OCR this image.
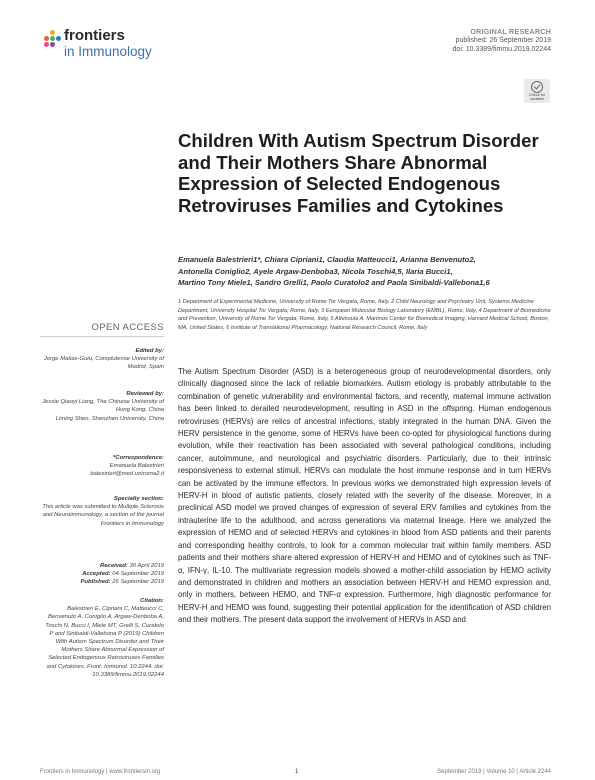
frontiers
in Immunology
ORIGINAL RESEARCH
published: 26 September 2019
doi: 10.3389/fimmu.2019.02244
Check for updates
Children With Autism Spectrum Disorder and Their Mothers Share Abnormal Expression of Selected Endogenous Retroviruses Families and Cytokines
Emanuela Balestrieri1*, Chiara Cipriani1, Claudia Matteucci1, Arianna Benvenuto2,
Antonella Coniglio2, Ayele Argaw-Denboba3, Nicola Toschi4,5, Ilaria Bucci1,
Martino Tony Miele1, Sandro Grelli1, Paolo Curatolo2 and Paola Sinibaldi-Vallebona1,6
1 Department of Experimental Medicine, University of Rome Tor Vergata, Rome, Italy, 2 Child Neurology and Psychiatry Unit, Systems Medicine Department, University Hospital Tor Vergata, Rome, Italy, 3 European Molecular Biology Laboratory (EMBL), Rome, Italy, 4 Department of Biomedicine and Prevention, University of Rome Tor Vergata, Rome, Italy, 5 Athinoula A. Martinos Center for Biomedical Imaging, Harvard Medical School, Boston, MA, United States, 6 Institute of Translational Pharmacology, National Research Council, Rome, Italy
OPEN ACCESS
Edited by:
Jorge Matias-Guiu, Complutense University of Madrid, Spain
Reviewed by:
Jessie Qiaoyi Liang, The Chinese University of Hong Kong, China
Liming Shen, Shenzhen University, China
*Correspondence:
Emanuela Balestrieri balestrieri@med.uniroma2.it
Specialty section:
This article was submitted to Multiple Sclerosis and Neuroimmunology, a section of the journal Frontiers in Immunology
Received: 30 April 2019
Accepted: 04 September 2019
Published: 26 September 2019
Citation:
Balestrieri E, Cipriani C, Matteucci C, Benvenuto A, Coniglio A, Argaw-Denboba A, Toschi N, Bucci I, Miele MT, Grelli S, Curatolo P and Sinibaldi-Vallebona P (2019) Children With Autism Spectrum Disorder and Their Mothers Share Abnormal Expression of Selected Endogenous Retroviruses Families and Cytokines. Front. Immunol. 10:2244. doi: 10.3389/fimmu.2019.02244
The Autism Spectrum Disorder (ASD) is a heterogeneous group of neurodevelopmental disorders, only clinically diagnosed since the lack of reliable biomarkers. Autism etiology is probably attributable to the combination of genetic vulnerability and environmental factors, and recently, maternal immune activation has been linked to derailed neurodevelopment, resulting in ASD in the offspring. Human endogenous retroviruses (HERVs) are relics of ancestral infections, stably integrated in the human DNA. Given the HERV persistence in the genome, some of HERVs have been co-opted for physiological functions during evolution, while their reactivation has been associated with several pathological conditions, including cancer, autoimmune, and neurological and psychiatric disorders. Particularly, due to their intrinsic responsiveness to external stimuli, HERVs can modulate the host immune response and in turn HERVs can be activated by the immune effectors. In previous works we demonstrated high expression levels of HERV-H in blood of autistic patients, closely related with the severity of the disease. Moreover, in a preclinical ASD model we proved changes of expression of several ERV families and cytokines from the intrauterine life to the adulthood, and across generations via maternal lineage. Here we analyzed the expression of HEMO and of selected HERVs and cytokines in blood from ASD patients and their parents and corresponding healthy controls, to look for a common molecular trait within family members. ASD patients and their mothers share altered expression of HERV-H and HEMO and of cytokines such as TNF-α, IFN-γ, IL-10. The multivariate regression models showed a mother-child association by HEMO activity and demonstrated in children and mothers an association between HERV-H and HEMO expression and, only in mothers, between HEMO, and TNF-α expression. Furthermore, high diagnostic performance for HERV-H and HEMO was found, suggesting their potential application for the identification of ASD children and their mothers. The present data support the involvement of HERVs in ASD and
Frontiers in Immunology | www.frontiersin.org	1	September 2019 | Volume 10 | Article 2244
